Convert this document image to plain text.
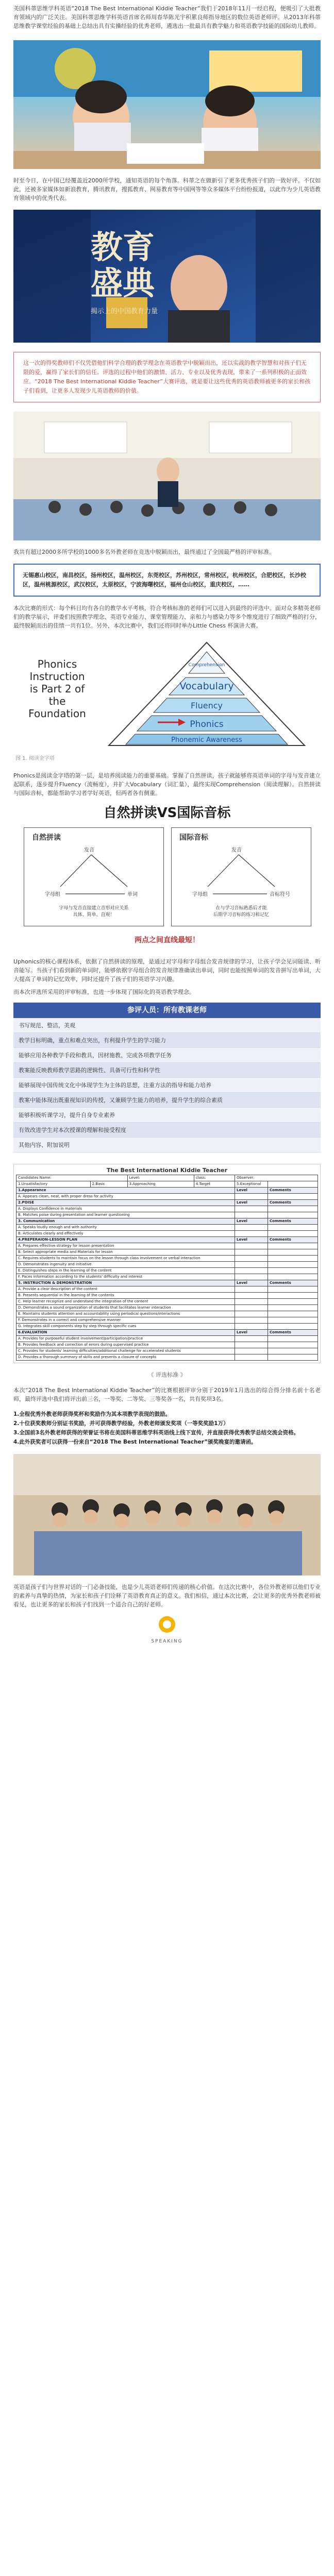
美国科蒂思维学科英语“2018 The Best International Kiddie Teacher”我们于2018年11月一经启程，便吸引了大批教育领域内的广泛关注。美国科蒂思维学科英语首席名师周春华陈光宇积累良师指导地区的数位英语老师评。从2013年科蒂思维教学课堂经验的基础上总结出具有实操经验的优秀老师，遴选出一批最具有教学魅力和英语教学技能的国际幼儿教师。

时至今日，在中国已经覆盖近2000所学校，通知英语的每个角落。科蒂之在做新引了更多优秀孩子们的一致好评。不仅如此，还被多家媒体如新浪教育，腾讯教育，搜狐教育、网易教育等中国网等等众多媒体平台纷纷报道，以此作为少儿英语教育领域中的优秀代表。

教育
盛典
揭示上的中国教育力量

这一次的得奖教师们不仅凭借他们科学合理的教学理念在英语教学中脱颖而出，还以实战的教学智慧和对孩子们无限的爱，赢得了家长们的信任。评选的过程中他们的激情、活力、专业以及优秀表现，带来了一系列积极的正面效应。“2018 The Best International Kiddie Teacher”大赛评选，就是要让这些优秀的英语教师被更多的家长和孩子们看到，让更多人发现少儿英语教师的价值。

我共有超过2000多所学校的1000多名外教老师在竞选中脱颖而出，最终通过了全国最严格的评审标准。

无锡惠山校区，南昌校区，扬州校区，温州校区，东莞校区，苏州校区，常州校区，杭州校区，合肥校区，长沙校区，温州桃源校区，武汉校区，太原校区，宁波海曙校区，福州仓山校区，重庆校区，……

本次比赛的形式：每个科目均有各自的教学水平考核，符合考核标准的老师们可以进入到最终的评选中。面对众多精英老师们的教学展示，评委们按照教学理念、英语专业能力、课堂管理能力、亲和力与感染力等多个维度进行了细致严格的打分，最终脱颖而出的佳绩一共有1位。另外，本次比赛中，我们还将同时举办Little Chess 杯演讲大赛。

Phonics
Instruction
is Part 2 of
the
Foundation
Comprehension
Vocabulary
Fluency
Phonics
Phonemic Awareness
图 1. 阅读金字塔

Phonics是阅读金字塔的第一层，是培养阅读能力的重要基础。掌握了自然拼读，孩子就能够将英语单词的字母与发音建立起联系，逐步提升Fluency（流畅度），并扩大Vocabulary（词汇量），最终实现Comprehension（阅读理解）。自然拼读与国际音标，都能帮助学习者学好英语，但两者各有侧重。

自然拼读VS国际音标
自然拼读
发音
字母组	单词
字母与发音直接建立音形对应关系
具体、简单、直观！
国际音标
发音
字母组	音标符号
在与学习音标熟悉后才能
后期学习音标的练习和记忆
两点之间直线最短！

Uphonics的核心课程体系，依据了自然拼读的原理，是通过对字母和字母组合发音规律的学习，让孩子学会见词能读、听音能写。当孩子们看到新的单词时，能够依据字母组合的发音规律准确读出单词，同时也能按照单词的发音拼写出单词，大大提高了单词的记忆效率，同时还提升了孩子们的英语学习兴趣。

而本次评选所采用的评审标准，也进一步体现了国际化的英语教学理念。

参评人员：所有教课老师
书写规范、整洁，美观
教学目标明确，重点和难点突出，有利提升学生的学习能力
能够应用各种教学手段和教具，因材施教、完成各项教学任务
教案能反映教师教学思路的逻辑性、具备可行性和科学性
能够展现中国传统文化中体现学生为主体的思想，注重方法的指导和能力培养
教案中能体现出既重视知识的传授，又兼顾学生能力的培养，提升学生的综合素质
能够积极听课学习，提升自身专业素养
有效改进学生对本次授课的理解和接受程度
其他内容、附加说明
The Best International Kiddie Teacher
Candidates Name:		Level:	class:	Observer:	
1.Unsatisfactory	2.Basic	3.Approaching	4.Target	5.Exceptional	
1.Appearance				Level	Comments
A. Appears clean, neat, with proper dress for activity					
2.POISE				Level	Comments
A. Displays Confidence in materials					
B. Matches poise during presentation and learner questioning					
3. Communication				Level	Comments
A. Speaks loudly enough and with authority					
B. Articulates clearly and effectively					
4.PREPERAION-LESSON PLAN				Level	Comments
A. Prepares effective strategy for lesson presentation					
B. Select appropriate media and Materials for lesson					
C. Requires students to maintain focus on the lesson through class involvement or verbal interaction					
D. Demonstrates ingenuity and initiative					
E. Distinguishes steps in the learning of the content					
F. Paces information according to the students' difficulty and interest					
5. INSTRUCTION & DEMONSTRATION				Level	Comments
A. Provide a clear description of the content					
B. Presents sequential in the learning of the contents					
C. Help learner recognize and understand the integration of the content					
D. Demonstrates a sound organization of students that facilitates learner interaction					
E. Maintains students attention and accountability using periodical questions/interactions					
F. Demonstrates in a correct and comprehensive manner					
G. Integrates skill components step by step through specific cues					
6.EVALUATION				Level	Comments
A. Provides for purposeful student involvement/participation/practice					
B. Provides feedback and correction of errors during supervised practice					
C. Provides for students' learning difficulties/additional challenge for accelerated students					
D. Provides a thorough summary of skills and presents a closure of concepts					
《 评选标准 》

本次“2018 The Best International Kiddie Teacher”的比赛根据评审分别于2019年1月选出的综合得分排名前十名老师，最终评选中我们将评出前三名，一等奖、二等奖、三等奖各一名，共有奖项3名。

1.全程优秀外教老师获得奖杯和奖励作为其本项教学表现的鼓励。
2.十位获奖教师分别证书奖励，并可获得教学经验，外教老师颁发奖项（一等奖奖励1万）
3.全国前3名外教老师获得的荣誉证书将在美国科蒂思维学科英语线上线下宣传，并直接获得优秀教学总结交流会资格。
4.此外获奖者可以获得一份来自“2018 The Best International Teacher”颁奖晚宴的邀请函。

英语是孩子们与世界对话的一门必备技能，也是少儿英语老师们传递的核心价值。在这次比赛中，各位外教老师以他们专业的素养与真挚的热情，为家长和孩子们诠释了英语教育真正的意义。我们相信，通过本次比赛，会让更多的优秀外教老师被看见，也让更多的家长和孩子们找到一个适合自己的好老师。

SPEAKING
